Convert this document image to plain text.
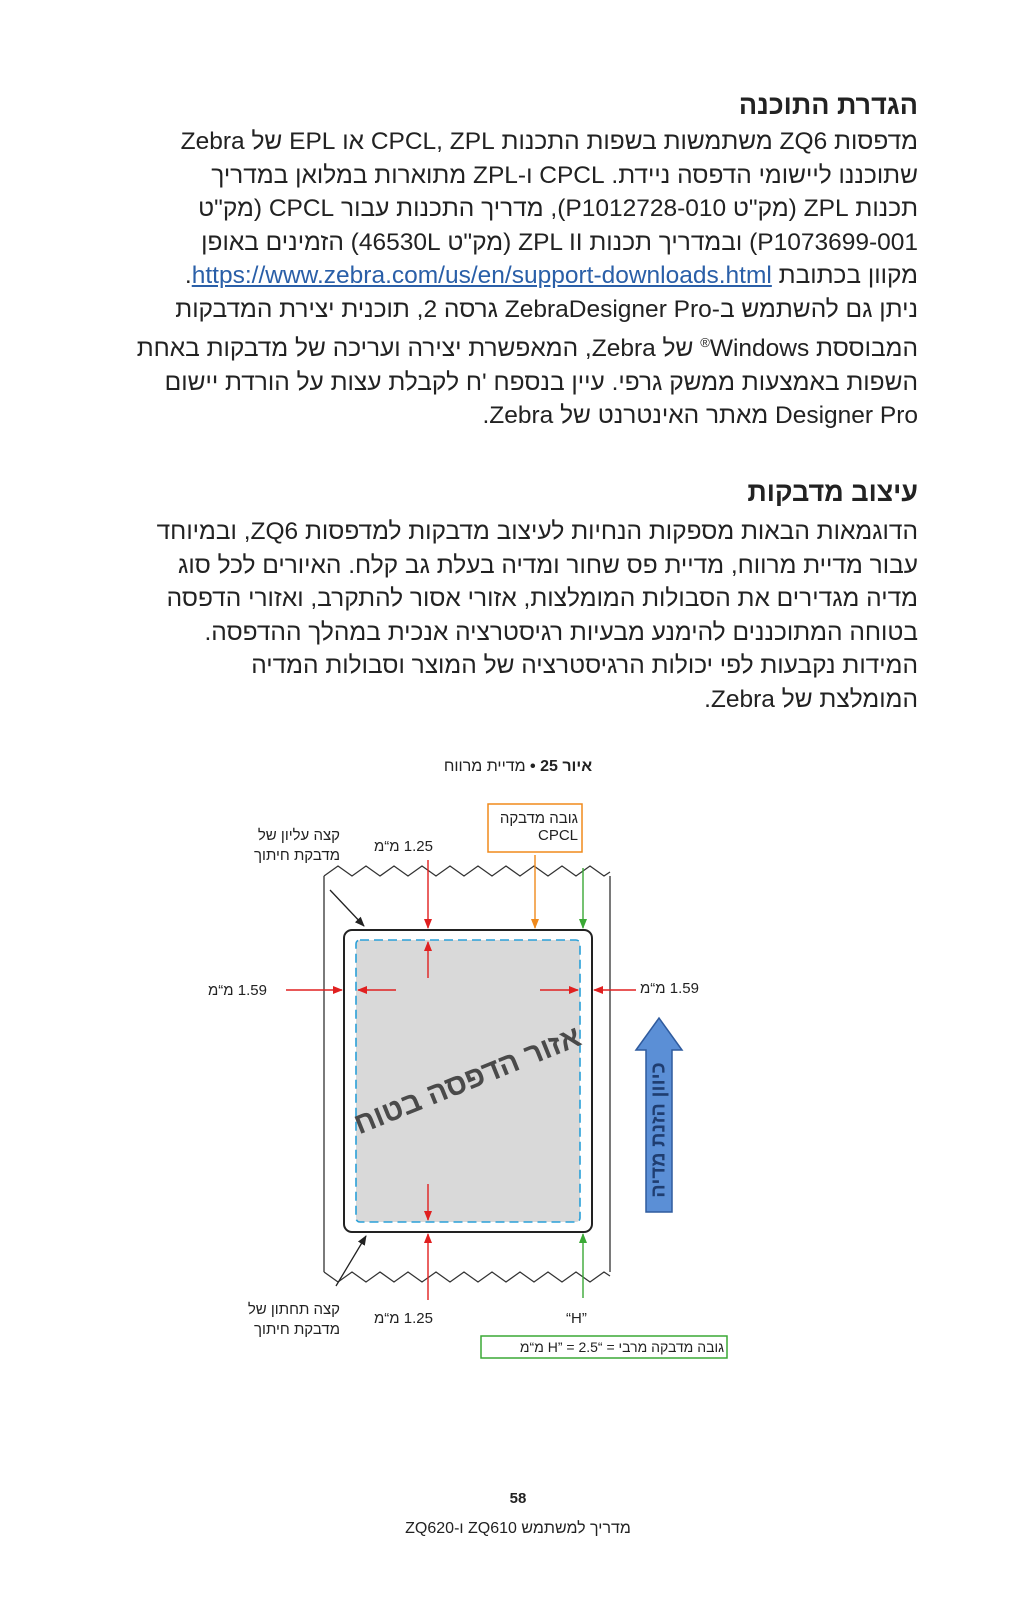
הגדרת התוכנה
מדפסות ZQ6 משתמשות בשפות התכנות CPCL, ZPL או EPL של Zebra
שתוכננו ליישומי הדפסה ניידת. CPCL ו-ZPL מתוארות במלואן במדריך
תכנות ZPL (מק"ט P1012728-010), מדריך התכנות עבור CPCL (מק"ט
P1073699-001) ובמדריך תכנות ZPL II (מק"ט 46530L) הזמינים באופן
מקוון בכתובת https://www.zebra.com/us/en/support-downloads.html.
ניתן גם להשתמש ב-ZebraDesigner Pro גרסה 2, תוכנית יצירת המדבקות
המבוססת Windows® של Zebra, המאפשרת יצירה ועריכה של מדבקות באחת
השפות באמצעות ממשק גרפי. עיין בנספח 'ח לקבלת עצות על הורדת יישום
Designer Pro מאתר האינטרנט של Zebra.
עיצוב מדבקות
הדוגמאות הבאות מספקות הנחיות לעיצוב מדבקות למדפסות ZQ6, ובמיוחד
עבור מדיית מרווח, מדיית פס שחור ומדיה בעלת גב קלח. האיורים לכל סוג
מדיה מגדירים את הסבולות המומלצות, אזורי אסור להתקרב, ואזורי הדפסה
בטוחה המתוכננים להימנע מבעיות רגיסטרציה אנכית במהלך ההדפסה.
המידות נקבעות לפי יכולות הרגיסטרציה של המוצר וסבולות המדיה
המומלצת של Zebra.
איור 25 • מדיית מרווח
כיוון הזנת מדיה
אזור הדפסה בטוח
גובה מדבקה
CPCL
קצה עליון של
מדבקת חיתוך
קצה תחתון של
מדבקת חיתוך
1.25 מ“מ
1.25 מ“מ
1.59 מ“מ	1.59 מ“מ
“H”
גובה מדבקה מרבי = “H” = 2.5 מ“מ
58
מדריך למשתמש ZQ610 ו-ZQ620
